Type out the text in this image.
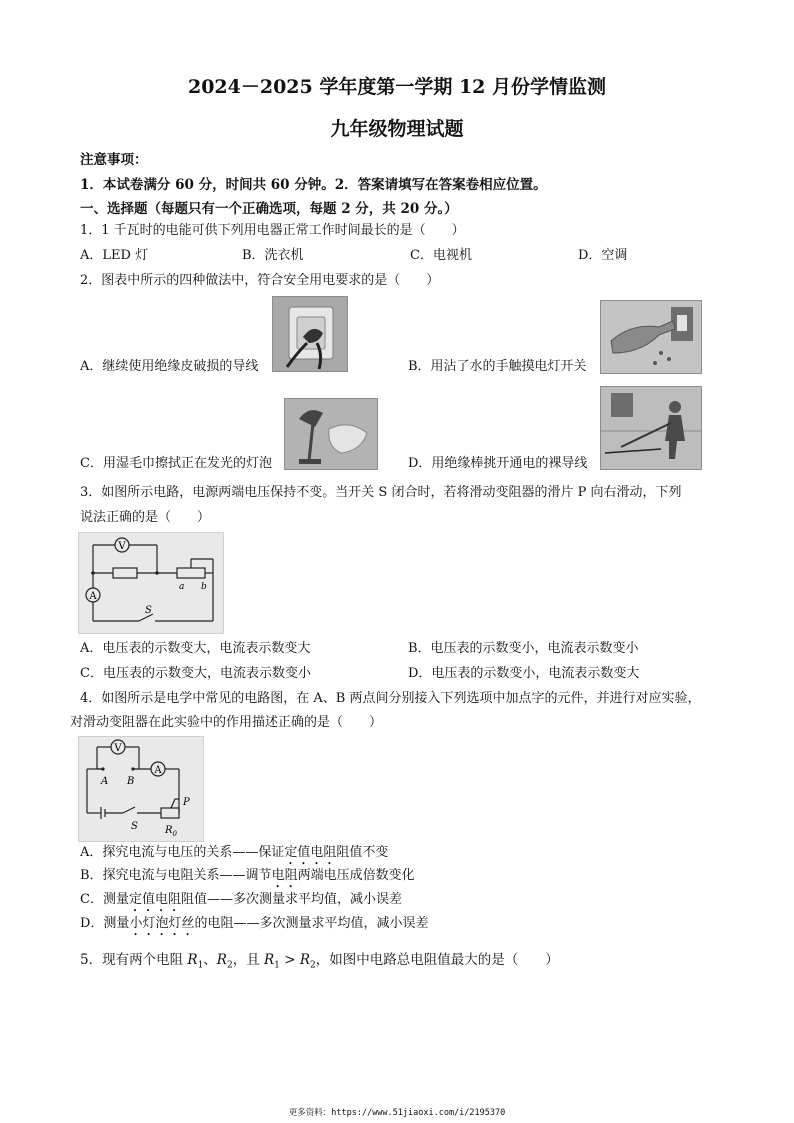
2024－2025 学年度第一学期 12 月份学情监测
九年级物理试题
注意事项：
1．本试卷满分 60 分，时间共 60 分钟。2．答案请填写在答案卷相应位置。
一、选择题（每题只有一个正确选项，每题 2 分，共 20 分。）
1．1 千瓦时的电能可供下列用电器正常工作时间最长的是（　　）
A．LED 灯	B．洗衣机	C．电视机	D．空调
2．图表中所示的四种做法中，符合安全用电要求的是（　　）
A．继续使用绝缘皮破损的导线	B．用沾了水的手触摸电灯开关
C．用湿毛巾擦拭正在发光的灯泡	D．用绝缘棒挑开通电的裸导线
3．如图所示电路，电源两端电压保持不变。当开关 S 闭合时，若将滑动变阻器的滑片 P 向右滑动，下列
说法正确的是（　　）
V
A
S
a b
A．电压表的示数变大，电流表示数变大	B．电压表的示数变小，电流表示数变小
C．电压表的示数变大，电流表示数变小	D．电压表的示数变小，电流表示数变大
4．如图所示是电学中常见的电路图，在 A、B 两点间分别接入下列选项中加点字的元件，并进行对应实验，
对滑动变阻器在此实验中的作用描述正确的是（　　）
V
A
A B
S
P
$R_0$
A．探究电流与电压的关系——保证定值电阻阻值不变
B．探究电流与电阻关系——调节电阻两端电压成倍数变化
C．测量定值电阻阻值——多次测量求平均值，减小误差
D．测量小灯泡灯丝的电阻——多次测量求平均值，减小误差
5．现有两个电阻 $R_1$、$R_2$，且 $R_1 > R_2$，如图中电路总电阻值最大的是（　　）
更多资料：https://www.51jiaoxi.com/i/2195370
